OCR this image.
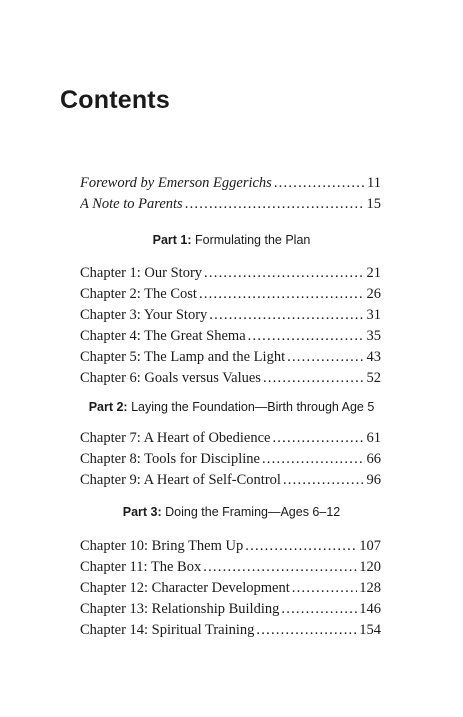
Contents
Foreword by Emerson Eggerichs . . .	11
A Note to Parents . . .	15

Part 1: Formulating the Plan

Chapter 1: Our Story . . .	21
Chapter 2: The Cost . . .	26
Chapter 3: Your Story . . .	31
Chapter 4: The Great Shema . . .	35
Chapter 5: The Lamp and the Light . . .	43
Chapter 6: Goals versus Values . . .	52

Part 2: Laying the Foundation—Birth through Age 5

Chapter 7: A Heart of Obedience . . .	61
Chapter 8: Tools for Discipline . . .	66
Chapter 9: A Heart of Self-Control . . .	96

Part 3: Doing the Framing—Ages 6–12

Chapter 10: Bring Them Up . . .	107
Chapter 11: The Box . . .	120
Chapter 12: Character Development . . .	128
Chapter 13: Relationship Building . . .	146
Chapter 14: Spiritual Training . . .	154
